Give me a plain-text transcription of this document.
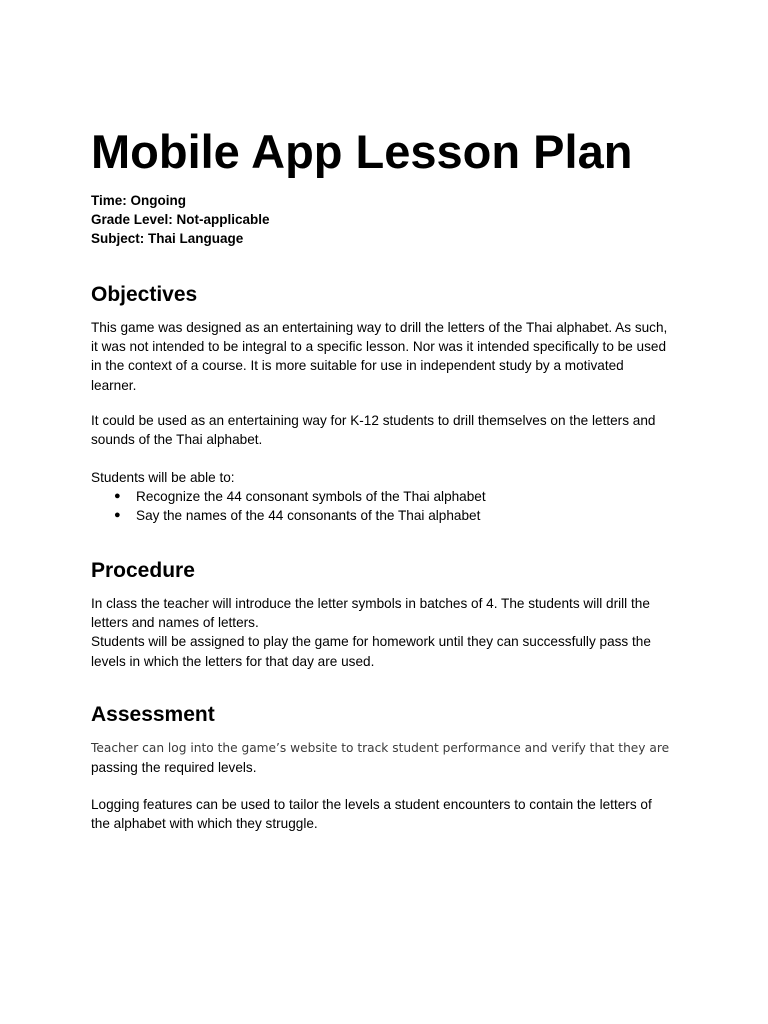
Mobile App Lesson Plan
Time: Ongoing
Grade Level: Not-applicable
Subject: Thai Language
Objectives

This game was designed as an entertaining way to drill the letters of the Thai alphabet. As such,
it was not intended to be integral to a specific lesson. Nor was it intended specifically to be used
in the context of a course. It is more suitable for use in independent study by a motivated
learner.

It could be used as an entertaining way for K-12 students to drill themselves on the letters and
sounds of the Thai alphabet.

Students will be able to:

● Recognize the 44 consonant symbols of the Thai alphabet
● Say the names of the 44 consonants of the Thai alphabet
Procedure

In class the teacher will introduce the letter symbols in batches of 4. The students will drill the
letters and names of letters.
Students will be assigned to play the game for homework until they can successfully pass the
levels in which the letters for that day are used.

Assessment

Teacher can log into the game’s website to track student performance and verify that they are
passing the required levels.

Logging features can be used to tailor the levels a student encounters to contain the letters of
the alphabet with which they struggle.
